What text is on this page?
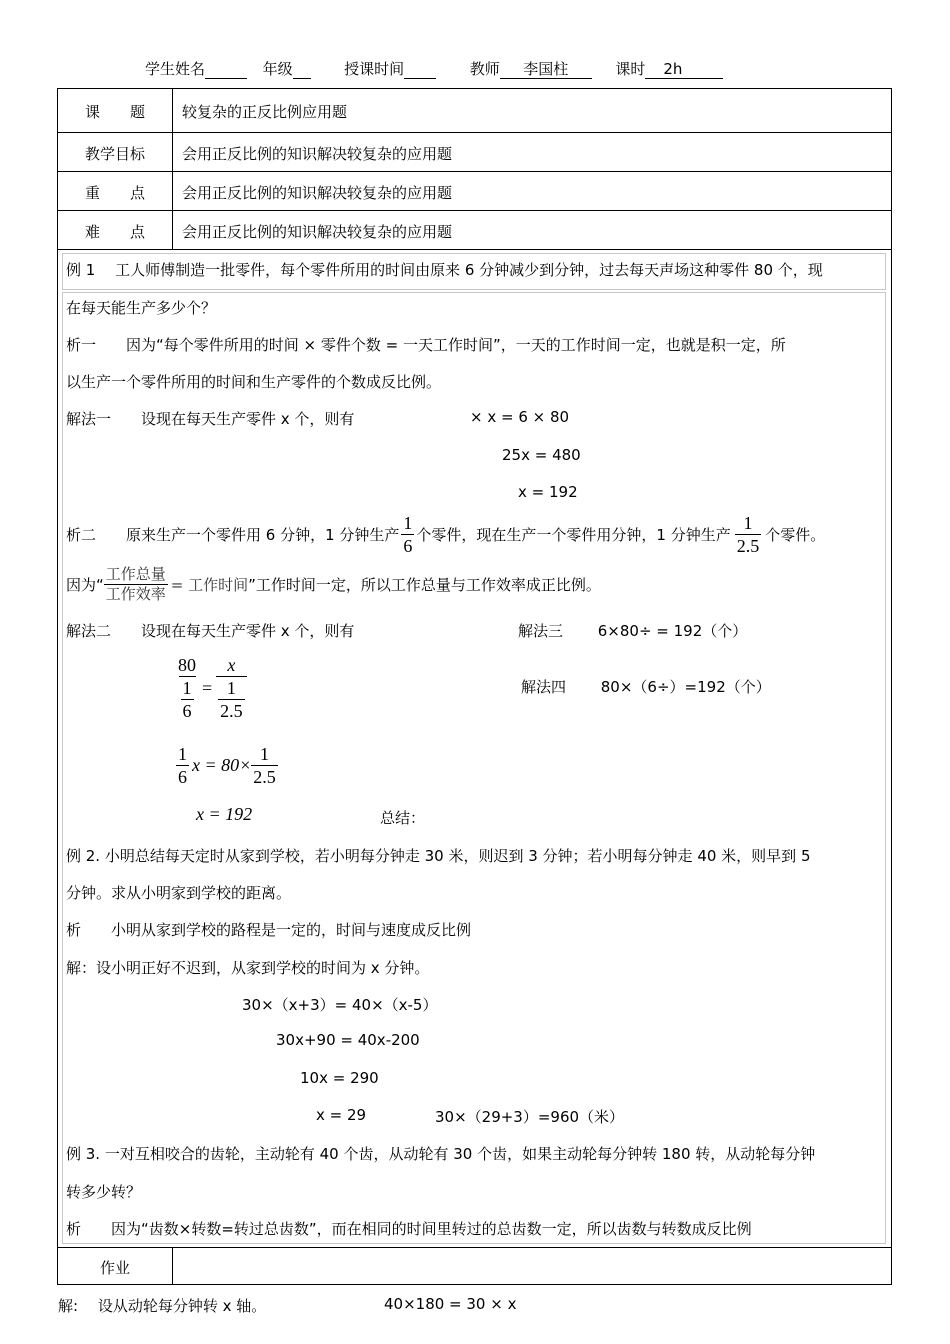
学生姓名	年级	授课时间	教师 李国柱	课时 2h
课　　题	较复杂的正反比例应用题
教学目标	会用正反比例的知识解决较复杂的应用题
重　　点	会用正反比例的知识解决较复杂的应用题
难　　点	会用正反比例的知识解决较复杂的应用题
作业
例 1　 工人师傅制造一批零件，每个零件所用的时间由原来 6 分钟减少到分钟，过去每天声场这种零件 80 个，现
在每天能生产多少个？
析一　　因为“每个零件所用的时间 × 零件个数 = 一天工作时间”，一天的工作时间一定，也就是积一定，所
以生产一个零件所用的时间和生产零件的个数成反比例。
解法一　　设现在每天生产零件 x 个，则有	× x = 6 × 80
25x = 480
x = 192
析二　　原来生产一个零件用 6 分钟，1 分钟生产 $\frac{1}{6}$ 个零件，现在生产一个零件用分钟，1 分钟生产 $\frac{1}{2.5}$ 个零件。
因为“ $\frac{\text{工作总量}}{\text{工作效率}}$ = 工作时间 ”工作时间一定，所以工作总量与工作效率成正比例。
解法二　　设现在每天生产零件 x 个，则有	解法三　　 6×80÷ = 192（个）
解法四　　 80×（6÷）=192（个）
$\frac{80}{\frac{1}{6}} = \frac{x}{\frac{1}{2.5}}$
$\frac{1}{6}$ $x = 80\times \frac{1}{2.5}$
x = 192	总结：
例 2. 小明总结每天定时从家到学校，若小明每分钟走 30 米，则迟到 3 分钟；若小明每分钟走 40 米，则早到 5
分钟。求从小明家到学校的距离。
析　　小明从家到学校的路程是一定的，时间与速度成反比例
解：设小明正好不迟到，从家到学校的时间为 x 分钟。
30×（x+3）= 40×（x-5）
30x+90 = 40x-200
10x = 290
x = 29	30×（29+3）=960（米）
例 3. 一对互相咬合的齿轮，主动轮有 40 个齿，从动轮有 30 个齿，如果主动轮每分钟转 180 转，从动轮每分钟
转多少转？
析　　因为“齿数×转数=转过总齿数”，而在相同的时间里转过的总齿数一定，所以齿数与转数成反比例
解:　 设从动轮每分钟转 x 轴。	40×180 = 30 × x
